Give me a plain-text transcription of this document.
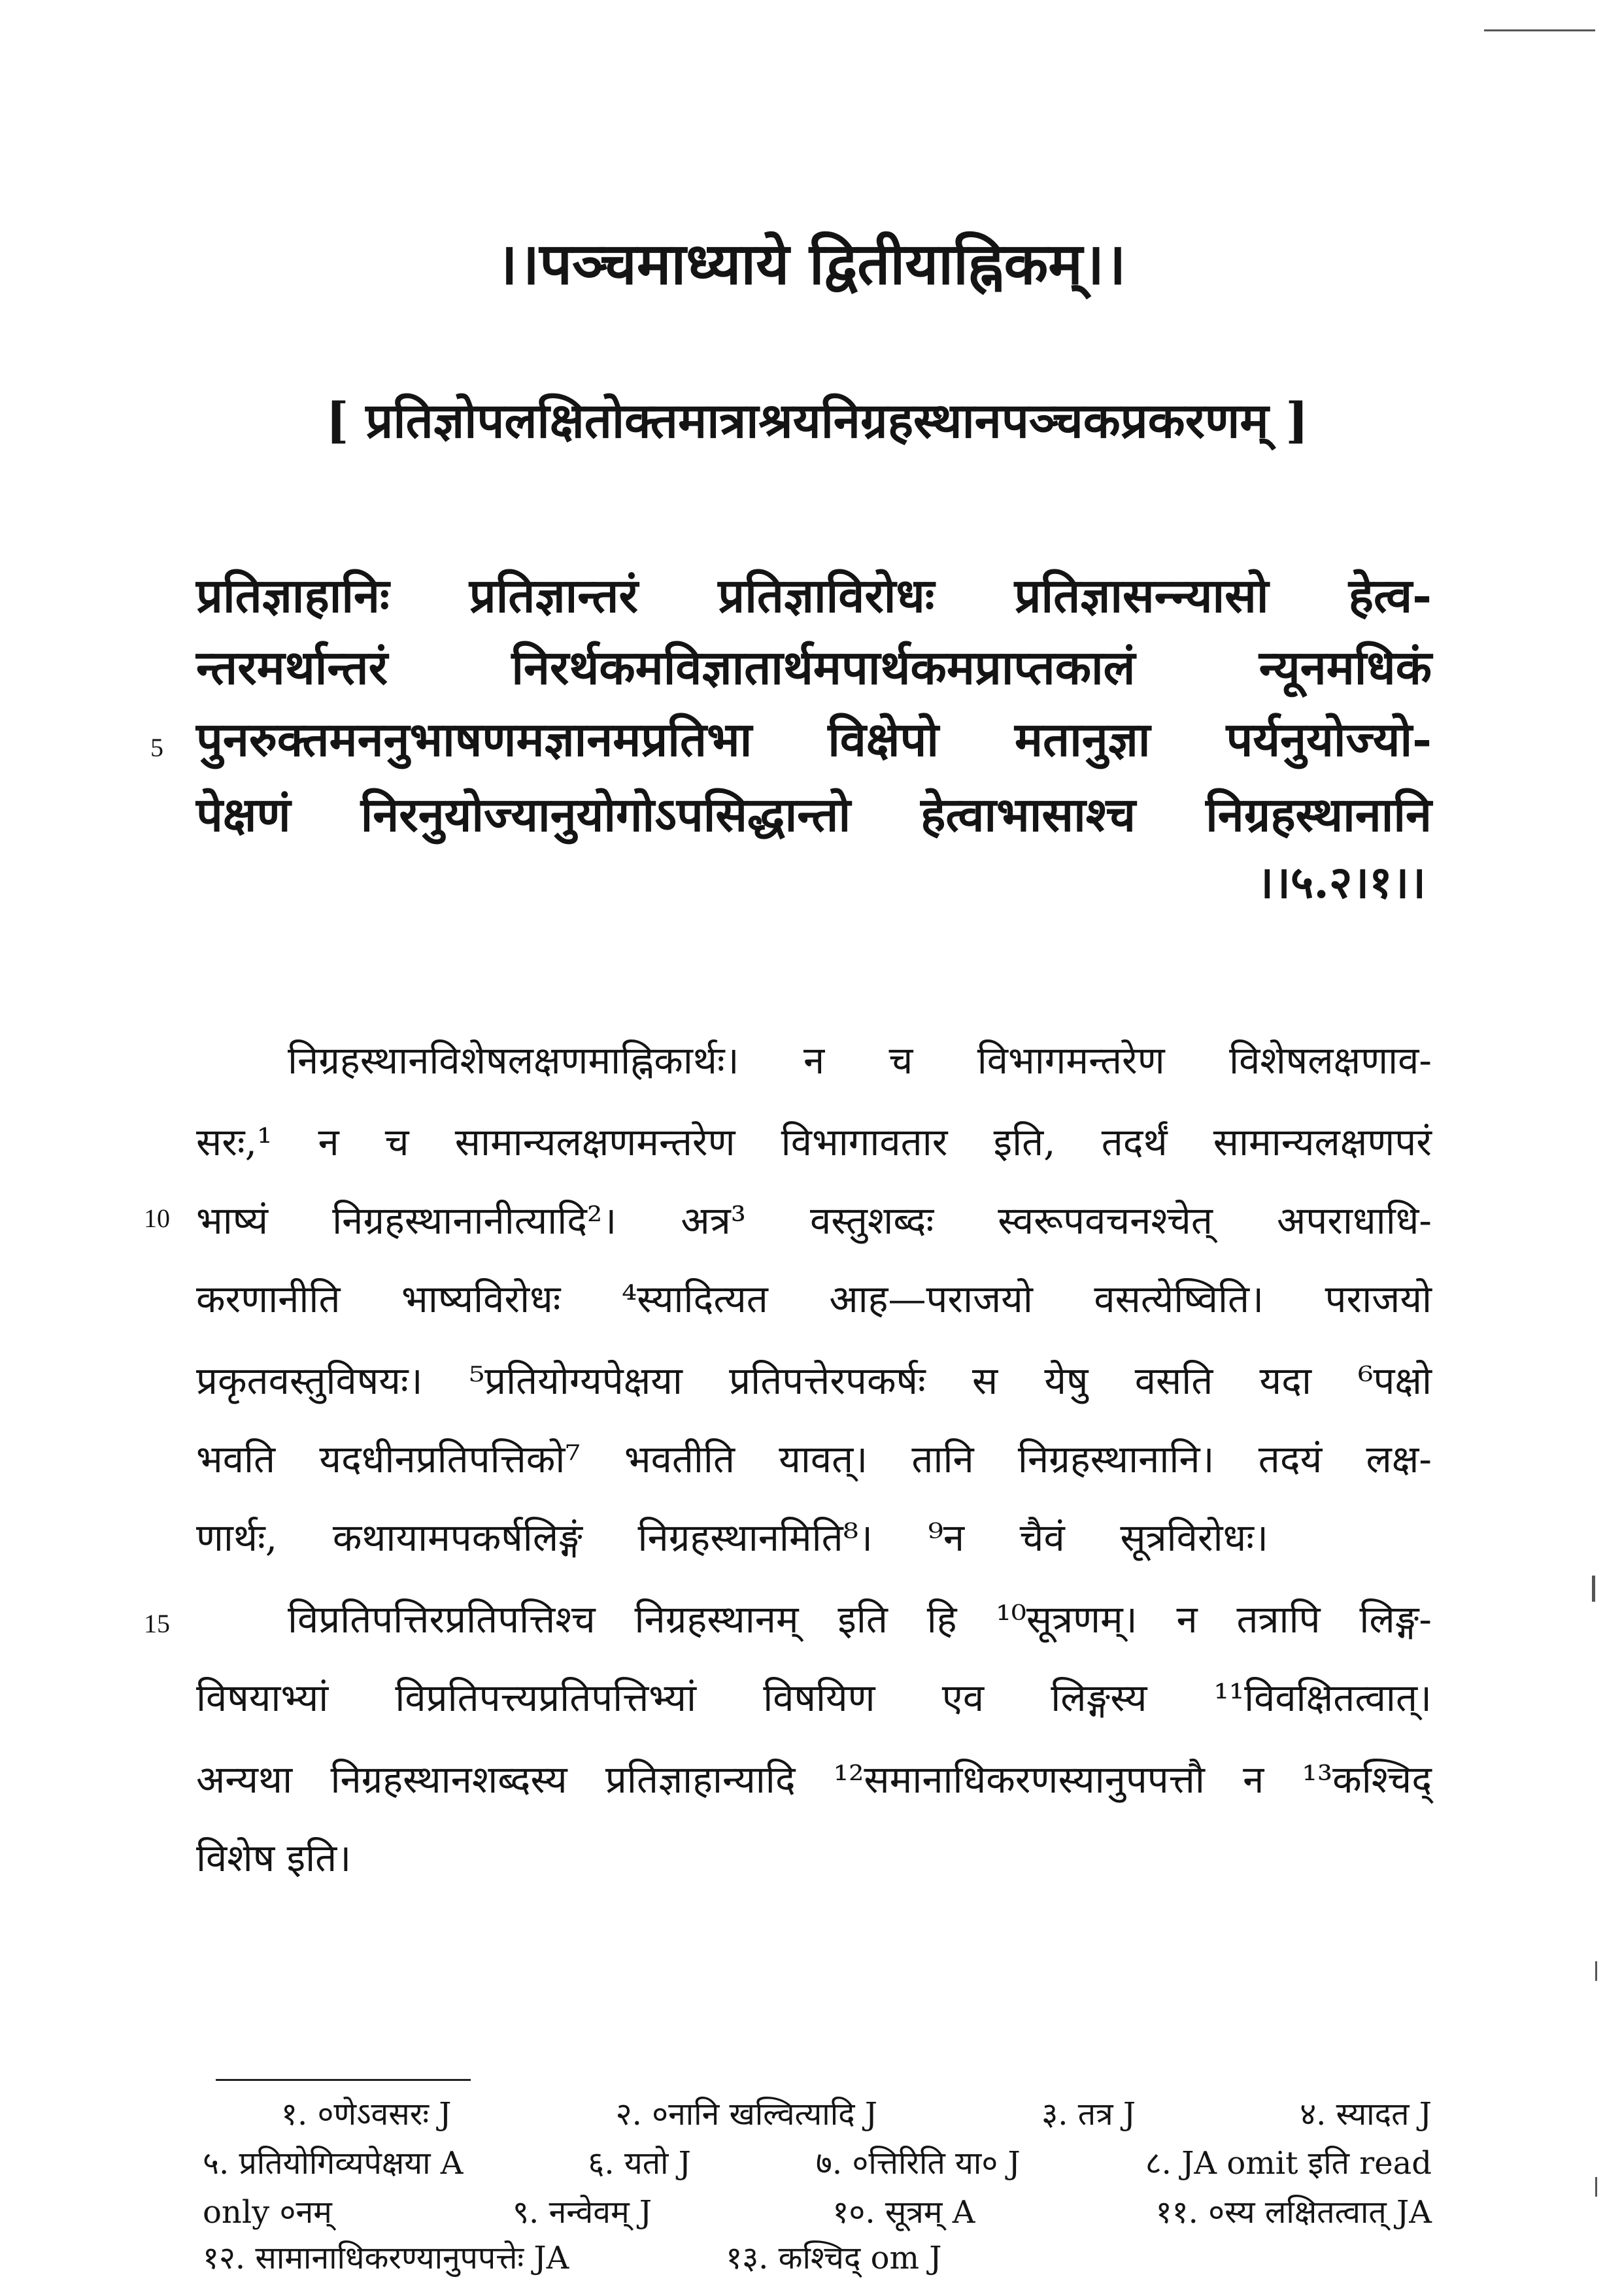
।।पञ्चमाध्याये द्वितीयाह्निकम्।।
[ प्रतिज्ञोपलक्षितोक्तमात्राश्रयनिग्रहस्थानपञ्चकप्रकरणम् ]
प्रतिज्ञाहानिः प्रतिज्ञान्तरं प्रतिज्ञाविरोधः प्रतिज्ञासन्न्यासो हेत्व-
न्तरमर्थान्तरं निरर्थकमविज्ञातार्थमपार्थकमप्राप्तकालं न्यूनमधिकं
पुनरुक्तमननुभाषणमज्ञानमप्रतिभा विक्षेपो मतानुज्ञा पर्यनुयोज्यो-
पेक्षणं निरनुयोज्यानुयोगोऽपसिद्धान्तो हेत्वाभासाश्च निग्रहस्थानानि
।।५.२।१।।
5
10
15
निग्रहस्थानविशेषलक्षणमाह्निकार्थः। न च विभागमन्तरेण विशेषलक्षणाव-
सरः,¹ न च सामान्यलक्षणमन्तरेण विभागावतार इति, तदर्थं सामान्यलक्षणपरं
भाष्यं निग्रहस्थानानीत्यादि²। अत्र³ वस्तुशब्दः स्वरूपवचनश्चेत् अपराधाधि-
करणानीति भाष्यविरोधः ⁴स्यादित्यत आह—पराजयो वसत्येष्विति। पराजयो
प्रकृतवस्तुविषयः। ⁵प्रतियोग्यपेक्षया प्रतिपत्तेरपकर्षः स येषु वसति यदा ⁶पक्षो
भवति यदधीनप्रतिपत्तिको⁷ भवतीति यावत्। तानि निग्रहस्थानानि। तदयं लक्ष-
णार्थः, कथायामपकर्षलिङ्गं निग्रहस्थानमिति⁸। ⁹न चैवं सूत्रविरोधः।
विप्रतिपत्तिरप्रतिपत्तिश्च निग्रहस्थानम् इति हि ¹⁰सूत्रणम्। न तत्रापि लिङ्ग-
विषयाभ्यां विप्रतिपत्त्यप्रतिपत्तिभ्यां विषयिण एव लिङ्गस्य ¹¹विवक्षितत्वात्।
अन्यथा निग्रहस्थानशब्दस्य प्रतिज्ञाहान्यादि ¹²समानाधिकरणस्यानुपपत्तौ न ¹³कश्चिद्
विशेष इति।
१. ०णेऽवसरः J	२. ०नानि खल्वित्यादि J	३. तत्र J	४. स्यादत J
५. प्रतियोगिव्यपेक्षया A	६. यतो J	७. ०त्तिरिति या० J	८. JA omit इति read
only ०नम्	९. नन्वेवम् J	१०. सूत्रम् A	११. ०स्य लक्षितत्वात् JA
१२. सामानाधिकरण्यानुपपत्तेः JA	१३. कश्चिद् om J
